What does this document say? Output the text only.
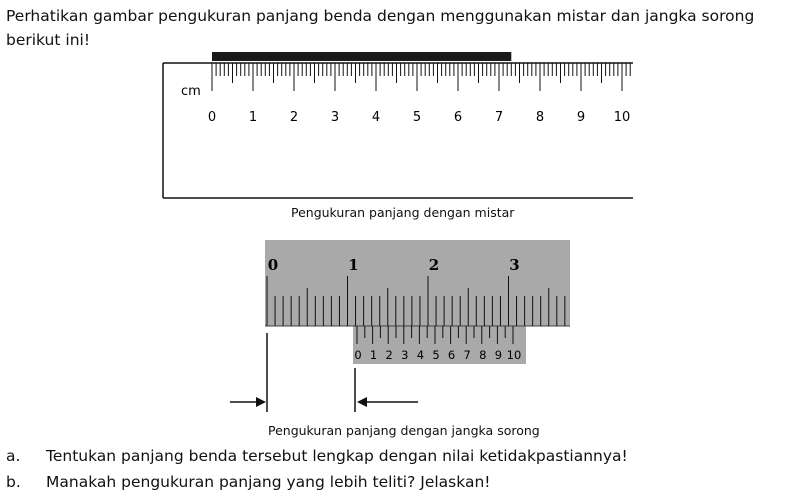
Perhatikan gambar pengukuran panjang benda dengan menggunakan mistar dan jangka sorong berikut ini!
cm
0	1	2	3	4	5	6	7	8	9 10
0	1	2	3
0 1 2 3 4 5 6 7 8 9 10
Pengukuran panjang dengan mistar
Pengukuran panjang dengan jangka sorong
a. Tentukan panjang benda tersebut lengkap dengan nilai ketidakpastiannya!
b. Manakah pengukuran panjang yang lebih teliti? Jelaskan!
